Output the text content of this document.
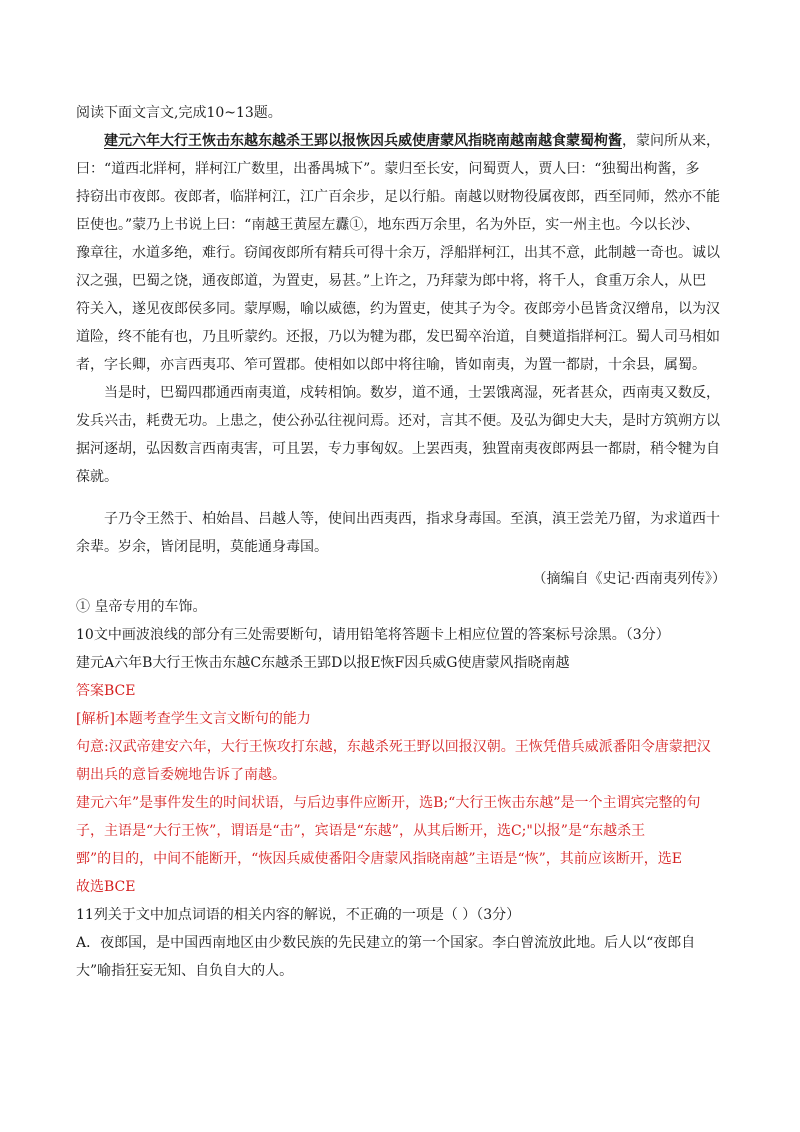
阅读下面文言文,完成10~13题。
建元六年大行王恢击东越东越杀王郢以报恢因兵威使唐蒙风指晓南越南越食蒙蜀枸酱，蒙问所从来，
曰：“道西北牂柯，牂柯江广数里，出番禺城下”。蒙归至长安，问蜀贾人，贾人曰：“独蜀出枸酱，多
持窃出市夜郎。夜郎者，临牂柯江，江广百余步，足以行船。南越以财物役属夜郎，西至同师，然亦不能
臣使也。”蒙乃上书说上曰：“南越王黄屋左纛①，地东西万余里，名为外臣，实一州主也。今以长沙、
豫章往，水道多绝，难行。窃闻夜郎所有精兵可得十余万，浮船牂柯江，出其不意，此制越一奇也。诚以
汉之强，巴蜀之饶，通夜郎道，为置吏，易甚。”上许之，乃拜蒙为郎中将，将千人，食重万余人，从巴
符关入，遂见夜郎侯多同。蒙厚赐，喻以威德，约为置吏，使其子为令。夜郎旁小邑皆贪汉缯帛，以为汉
道险，终不能有也，乃且听蒙约。还报，乃以为犍为郡，发巴蜀卒治道，自僰道指牂柯江。蜀人司马相如
者，字长卿，亦言西夷邛、笮可置郡。使相如以郎中将往喻，皆如南夷，为置一都尉，十余县，属蜀。
当是时，巴蜀四郡通西南夷道，戍转相饷。数岁，道不通，士罢饿离湿，死者甚众，西南夷又数反，
发兵兴击，耗费无功。上患之，使公孙弘往视问焉。还对，言其不便。及弘为御史大夫，是时方筑朔方以
据河逐胡，弘因数言西南夷害，可且罢，专力事匈奴。上罢西夷，独置南夷夜郎两县一都尉，稍令犍为自
葆就。
子乃令王然于、柏始昌、吕越人等，使间出西夷西，指求身毒国。至滇，滇王尝羌乃留，为求道西十
余辈。岁余，皆闭昆明，莫能通身毒国。
（摘编自《史记·西南夷列传》）
① 皇帝专用的车饰。
10文中画波浪线的部分有三处需要断句，请用铅笔将答题卡上相应位置的答案标号涂黑。（3分）
建元A六年B大行王恢击东越C东越杀王郢D以报E恢F因兵威G使唐蒙风指晓南越
答案BCE
[解析]本题考查学生文言文断句的能力
句意:汉武帝建安六年，大行王恢攻打东越，东越杀死王野以回报汉朝。王恢凭借兵威派番阳令唐蒙把汉
朝出兵的意旨委婉地告诉了南越。
建元六年”是事件发生的时间状语，与后边事件应断开，选B;“大行王恢击东越”是一个主谓宾完整的句
子，主语是“大行王恢”，谓语是“击”，宾语是“东越”，从其后断开，选C;"以报”是“东越杀王
鄄”的目的，中间不能断开，“恢因兵威使番阳令唐蒙风指晓南越”主语是“恢”，其前应该断开，选E
故选BCE
11列关于文中加点词语的相关内容的解说，不正确的一项是（ ）（3分）
A．夜郎国，是中国西南地区由少数民族的先民建立的第一个国家。李白曾流放此地。后人以“夜郎自
大”喻指狂妄无知、自负自大的人。
